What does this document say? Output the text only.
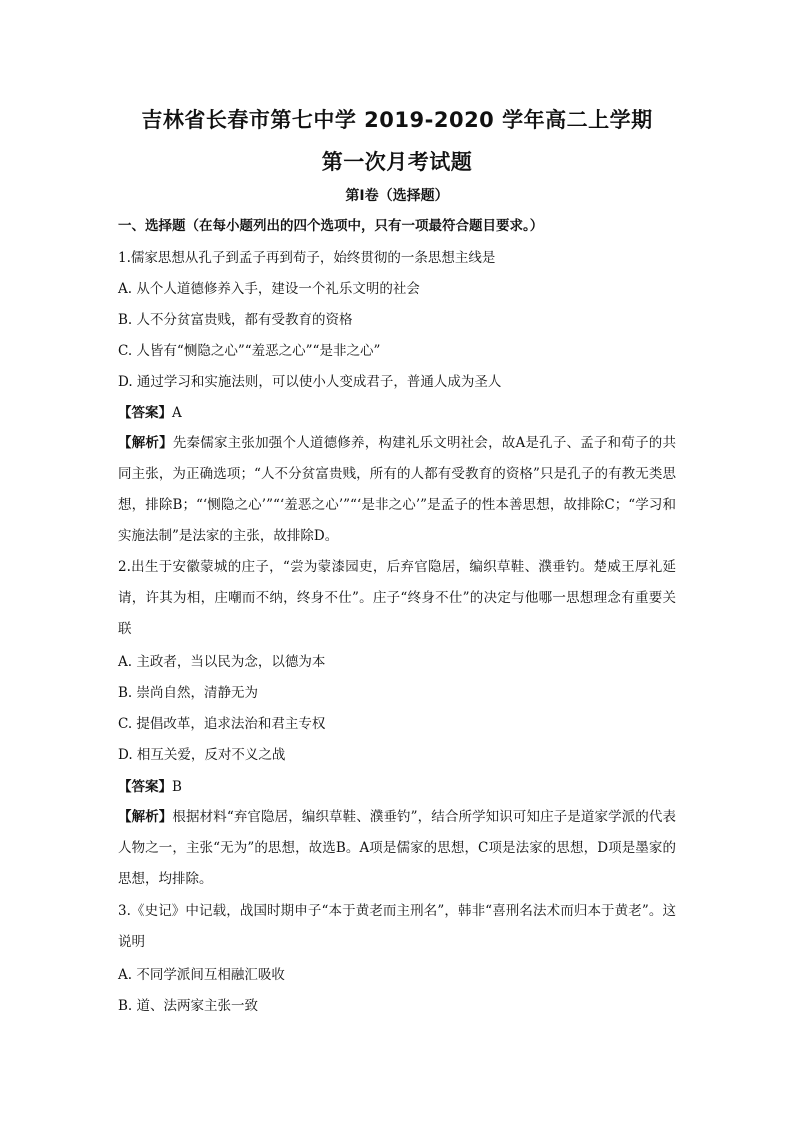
吉林省长春市第七中学 2019-2020 学年高二上学期
第一次月考试题
第Ⅰ卷（选择题）
一、选择题（在每小题列出的四个选项中，只有一项最符合题目要求。）
1.儒家思想从孔子到孟子再到荀子，始终贯彻的一条思想主线是
A. 从个人道德修养入手，建设一个礼乐文明的社会
B. 人不分贫富贵贱，都有受教育的资格
C. 人皆有“恻隐之心”“羞恶之心”“是非之心”
D. 通过学习和实施法则，可以使小人变成君子，普通人成为圣人
【答案】A
【解析】先秦儒家主张加强个人道德修养，构建礼乐文明社会，故A是孔子、孟子和荀子的共同主张，为正确选项；“人不分贫富贵贱，所有的人都有受教育的资格”只是孔子的有教无类思想，排除B；“‘恻隐之心’”“‘羞恶之心’”“‘是非之心’”是孟子的性本善思想，故排除C；“学习和实施法制”是法家的主张，故排除D。
2.出生于安徽蒙城的庄子，“尝为蒙漆园吏，后弃官隐居，编织草鞋、濮垂钓。楚威王厚礼延请，许其为相，庄嘲而不纳，终身不仕”。庄子“终身不仕”的决定与他哪一思想理念有重要关联
A. 主政者，当以民为念，以德为本
B. 崇尚自然，清静无为
C. 提倡改革，追求法治和君主专权
D. 相互关爱，反对不义之战
【答案】B
【解析】根据材料“弃官隐居，编织草鞋、濮垂钓”，结合所学知识可知庄子是道家学派的代表人物之一，主张“无为”的思想，故选B。A项是儒家的思想，C项是法家的思想，D项是墨家的思想，均排除。
3.《史记》中记载，战国时期申子“本于黄老而主刑名”，韩非“喜刑名法术而归本于黄老”。这说明
A. 不同学派间互相融汇吸收
B. 道、法两家主张一致
